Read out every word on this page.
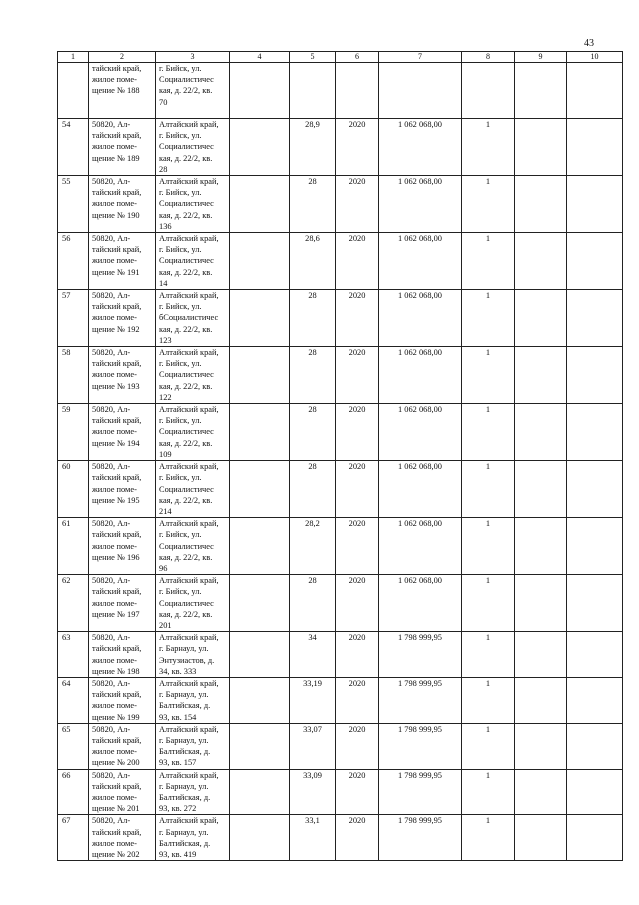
43
1	2	3	4	5	6	7	8	9	10
	тайский край,
жилое поме-
щение № 188	г. Бийск, ул.
Социалистичес
кая, д. 22/2, кв.
70							
54	50820, Ал-
тайский край,
жилое поме-
щение № 189	Алтайский край,
г. Бийск, ул.
Социалистичес
кая, д. 22/2, кв.
28		28,9	2020	1 062 068,00	1		
55	50820, Ал-
тайский край,
жилое поме-
щение № 190	Алтайский край,
г. Бийск, ул.
Социалистичес
кая, д. 22/2, кв.
136		28	2020	1 062 068,00	1		
56	50820, Ал-
тайский край,
жилое поме-
щение № 191	Алтайский край,
г. Бийск, ул.
Социалистичес
кая, д. 22/2, кв.
14		28,6	2020	1 062 068,00	1		
57	50820, Ал-
тайский край,
жилое поме-
щение № 192	Алтайский край,
г. Бийск, ул.
бСоциалистичес
кая, д. 22/2, кв.
123		28	2020	1 062 068,00	1		
58	50820, Ал-
тайский край,
жилое поме-
щение № 193	Алтайский край,
г. Бийск, ул.
Социалистичес
кая, д. 22/2, кв.
122		28	2020	1 062 068,00	1		
59	50820, Ал-
тайский край,
жилое поме-
щение № 194	Алтайский край,
г. Бийск, ул.
Социалистичес
кая, д. 22/2, кв.
109		28	2020	1 062 068,00	1		
60	50820, Ал-
тайский край,
жилое поме-
щение № 195	Алтайский край,
г. Бийск, ул.
Социалистичес
кая, д. 22/2, кв.
214		28	2020	1 062 068,00	1		
61	50820, Ал-
тайский край,
жилое поме-
щение № 196	Алтайский край,
г. Бийск, ул.
Социалистичес
кая, д. 22/2, кв.
96		28,2	2020	1 062 068,00	1		
62	50820, Ал-
тайский край,
жилое поме-
щение № 197	Алтайский край,
г. Бийск, ул.
Социалистичес
кая, д. 22/2, кв.
201		28	2020	1 062 068,00	1		
63	50820, Ал-
тайский край,
жилое поме-
щение № 198	Алтайский край,
г. Барнаул, ул.
Энтузиастов, д.
34, кв. 333		34	2020	1 798 999,95	1		
64	50820, Ал-
тайский край,
жилое поме-
щение № 199	Алтайский край,
г. Барнаул, ул.
Балтийская, д.
93, кв. 154		33,19	2020	1 798 999,95	1		
65	50820, Ал-
тайский край,
жилое поме-
щение № 200	Алтайский край,
г. Барнаул, ул.
Балтийская, д.
93, кв. 157		33,07	2020	1 798 999,95	1		
66	50820, Ал-
тайский край,
жилое поме-
щение № 201	Алтайский край,
г. Барнаул, ул.
Балтийская, д.
93, кв. 272		33,09	2020	1 798 999,95	1		
67	50820, Ал-
тайский край,
жилое поме-
щение № 202	Алтайский край,
г. Барнаул, ул.
Балтийская, д.
93, кв. 419		33,1	2020	1 798 999,95	1		
